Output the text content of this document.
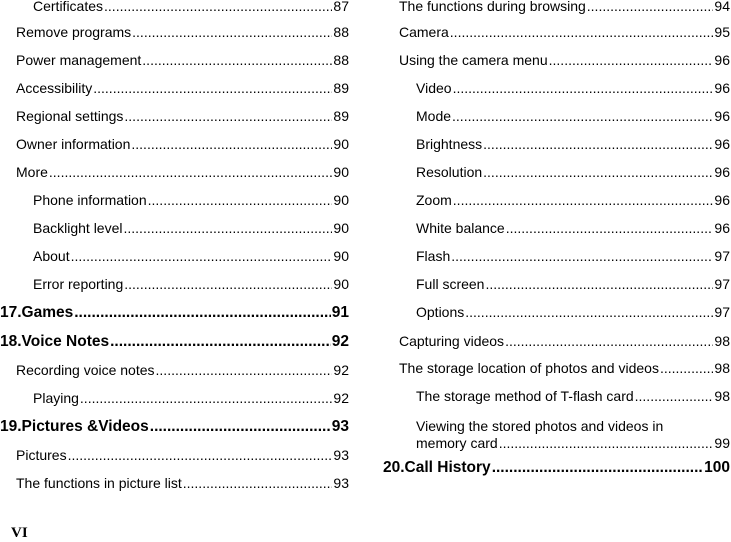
Certificates .....	87
Remove programs .....	88
Power management .....	88
Accessibility .....	89
Regional settings .....	89
Owner information .....	90
More .....	90
Phone information .....	90
Backlight level .....	90
About .....	90
Error reporting .....	90
17.Games .....	91
18.Voice Notes .....	92
Recording voice notes .....	92
Playing .....	92
19.Pictures &Videos .....	93
Pictures .....	93
The functions in picture list .....	93
The functions during browsing .....	94
Camera .....	95
Using the camera menu .....	96
Video .....	96
Mode .....	96
Brightness .....	96
Resolution .....	96
Zoom .....	96
White balance .....	96
Flash .....	97
Full screen .....	97
Options .....	97
Capturing videos .....	98
The storage location of photos and videos .....	98
The storage method of T-flash card .....	98
Viewing the stored photos and videos in
memory card .....	99
20.Call History .....	100
VI
